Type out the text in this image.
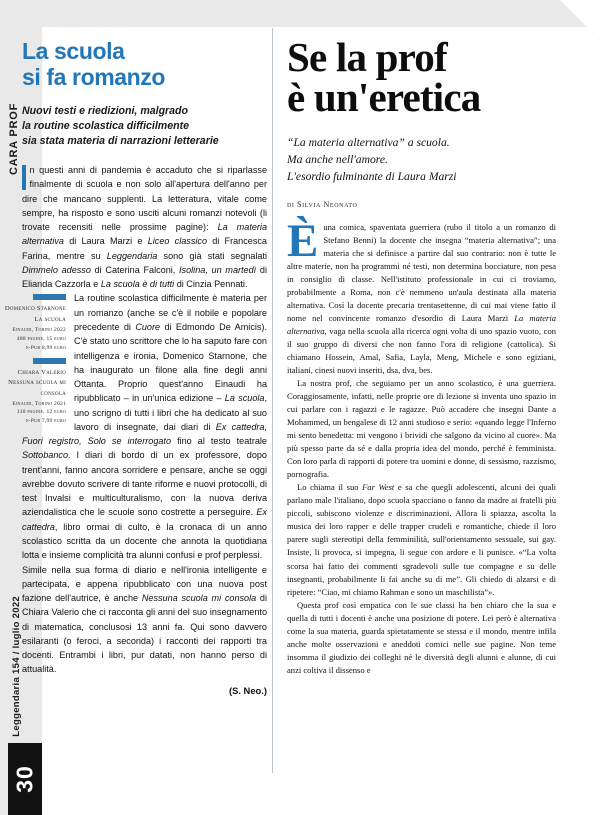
CARA PROF
Leggendaria 154 / luglio 2022
30
La scuola
si fa romanzo
Nuovi testi e riedizioni, malgrado
la routine scolastica difficilmente
sia stata materia di narrazioni letterarie

n questi anni di pandemia è accaduto che si riparlasse finalmente di scuola e non solo all'apertura dell'anno per dire che mancano supplenti. La letteratura, vitale come sempre, ha risposto e sono usciti alcuni romanzi notevoli (li trovate recensiti nelle prossime pagine): La materia alternativa di Laura Marzi e Liceo classico di Francesca Farina, mentre su Leggendaria sono già stati segnalati Dimmelo adesso di Caterina Falconi, Isolina, un martedì di Elianda Cazzorla e La scuola è di tutti di Cinzia Pennati.

Domenico Starnone
La scuola
Einaudi, Torino 2022
488 pagine, 15 euro
e-Pub 8,99 euro
Chiara Valerio
Nessuna scuola mi consola
Einaudi, Torino 2021
110 pagine, 12 euro
e-Pub 7,99 euro

La routine scolastica difficilmente è materia per un romanzo (anche se c'è il nobile e popolare precedente di Cuore di Edmondo De Amicis). C'è stato uno scrittore che lo ha saputo fare con intelligenza e ironia, Domenico Starnone, che ha inaugurato un filone alla fine degli anni Ottanta. Proprio quest'anno Einaudi ha ripubblicato – in un'unica edizione – La scuola, uno scrigno di tutti i libri che ha dedicato al suo lavoro di insegnate, dai diari di Ex cattedra, Fuori registro, Solo se interrogato fino al testo teatrale Sottobanco. I diari di bordo di un ex professore, dopo trent'anni, fanno ancora sorridere e pensare, anche se oggi avrebbe dovuto scrivere di tante riforme e nuovi protocolli, di test Invalsi e multiculturalismo, con la nuova deriva aziendalistica che le scuole sono costrette a perseguire. Ex cattedra, libro ormai di culto, è la cronaca di un anno scolastico scritta da un docente che annota la quotidiana lotta e insieme complicità tra alunni confusi e prof perplessi.

Simile nella sua forma di diario e nell'ironia intelligente e partecipata, e appena ripubblicato con una nuova post fazione dell'autrice, è anche Nessuna scuola mi consola di Chiara Valerio che ci racconta gli anni del suo insegnamento di matematica, conclusosi 13 anni fa. Qui sono davvero esilaranti (o feroci, a seconda) i racconti dei rapporti tra docenti. Entrambi i libri, pur datati, non hanno perso di attualità.

(S. Neo.)
Se la prof
è un'eretica
“La materia alternativa” a scuola.
Ma anche nell'amore.
L'esordio fulminante di Laura Marzi
di Silvia Neonato

È una comica, spaventata guerriera (rubo il titolo a un romanzo di Stefano Benni) la docente che insegna “materia alternativa”; una materia che si definisce a partire dal suo contrario: non è tutte le altre materie, non ha programmi né testi, non determina bocciature, non pesa in consiglio di classe. Nell'istituto professionale in cui ci troviamo, probabilmente a Roma, non c'è nemmeno un'aula destinata alla materia alternativa. Così la docente precaria trentasettenne, di cui mai viene fatto il nome nel convincente romanzo d'esordio di Laura Marzi La materia alternativa, vaga nella scuola alla ricerca ogni volta di uno spazio vuoto, con il suo gruppo di diversi che non fanno l'ora di religione (cattolica). Si chiamano Hossein, Amal, Safia, Layla, Meng, Michele e sono egiziani, italiani, cinesi nuovi inseriti, dsa, dva, bes.

La nostra prof, che seguiamo per un anno scolastico, è una guerriera. Coraggiosamente, infatti, nelle proprie ore di lezione si inventa uno spazio in cui parlare con i ragazzi e le ragazze. Può accadere che insegni Dante a Mohammed, un bengalese di 12 anni studioso e serio: «quando legge l'Inferno mi sento benedetta: mi vengono i brividi che salgono da vicino al cuore». Ma più spesso parte da sé e dalla propria idea del mondo, perché è femminista. Con loro parla di rapporti di potere tra uomini e donne, di sessismo, razzismo, pornografia.

Lo chiama il suo Far West e sa che quegli adolescenti, alcuni dei quali parlano male l'italiano, dopo scuola spacciano o fanno da madre ai fratelli più piccoli, subiscono violenze e discriminazioni. Allora li spiazza, ascolta la musica dei loro rapper e delle trapper crudeli e romantiche, chiede il loro parere sugli stereotipi della femminilità, sull'orientamento sessuale, sui gay. Insiste, li provoca, si impegna, li segue con ardore e li punisce. «“La volta scorsa hai fatto dei commenti sgradevoli sulle tue compagne e su delle insegnanti, probabilmente li fai anche su di me”. Gli chiedo di alzarsi e di ripetere: “Ciao, mi chiamo Rahman e sono un maschilista”».

Questa prof così empatica con le sue classi ha ben chiaro che la sua e quella di tutti i docenti è anche una posizione di potere. Lei però è alternativa come la sua materia, guarda spietatamente se stessa e il mondo, mentre infila anche molte osservazioni e aneddoti comici nelle sue pagine. Non teme insomma il giudizio dei colleghi né le diversità degli alunni e alunne, di cui anzi coltiva il dissenso e
